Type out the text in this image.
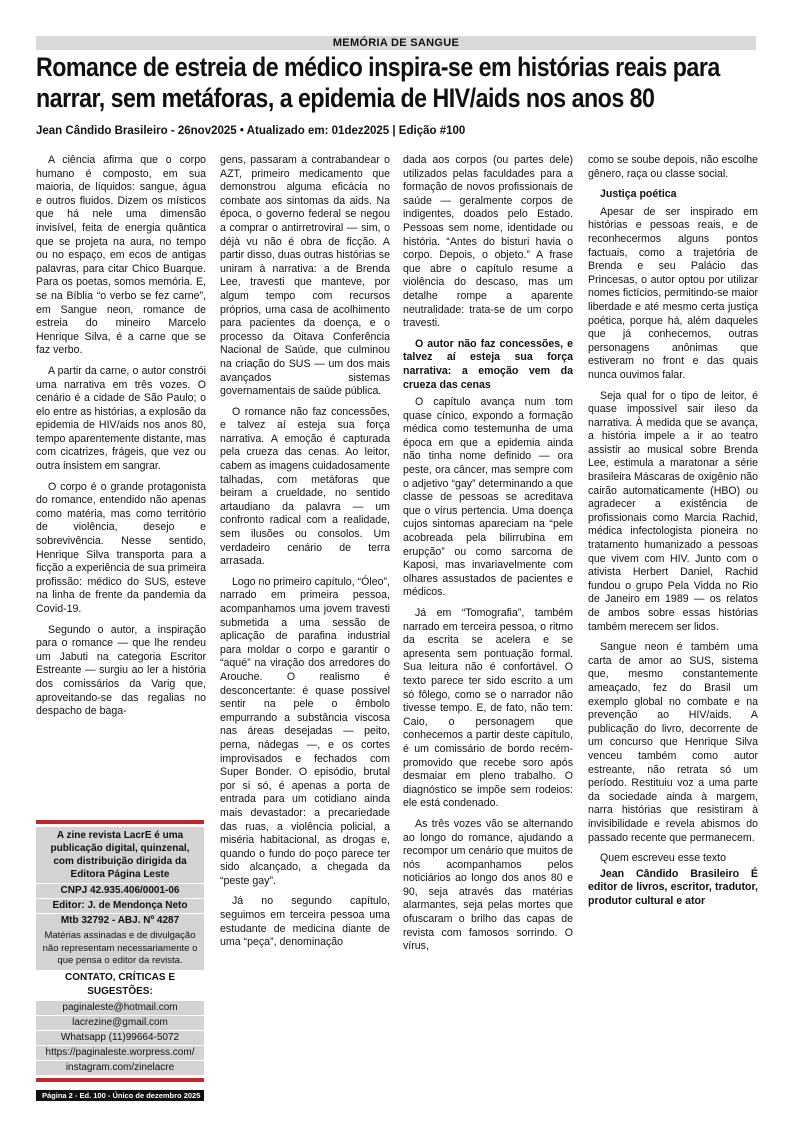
MEMÓRIA DE SANGUE
Romance de estreia de médico inspira-se em histórias reais para narrar, sem metáforas, a epidemia de HIV/aids nos anos 80
Jean Cândido Brasileiro - 26nov2025 • Atualizado em: 01dez2025 | Edição #100

A ciência afirma que o corpo humano é composto, em sua maioria, de líquidos: sangue, água e outros fluidos. Dizem os místicos que há nele uma dimensão invisível, feita de energia quântica que se projeta na aura, no tempo ou no espaço, em ecos de antigas palavras, para citar Chico Buarque. Para os poetas, somos memória. E, se na Bíblia “o verbo se fez carne”, em Sangue neon, romance de estreia do mineiro Marcelo Henrique Silva, é a carne que se faz verbo.

A partir da carne, o autor constrói uma narrativa em três vozes. O cenário é a cidade de São Paulo; o elo entre as histórias, a explosão da epidemia de HIV/aids nos anos 80, tempo aparentemente distante, mas com cicatrizes, frágeis, que vez ou outra insistem em sangrar.

O corpo é o grande protagonista do romance, entendido não apenas como matéria, mas como território de violência, desejo e sobrevivência. Nesse sentido, Henrique Silva transporta para a ficção a experiência de sua primeira profissão: médico do SUS, esteve na linha de frente da pandemia da Covid-19.

Segundo o autor, a inspiração para o romance — que lhe rendeu um Jabuti na categoria Escritor Estreante — surgiu ao ler a história dos comissários da Varig que, aproveitando-se das regalias no despacho de baga-

gens, passaram a contrabandear o AZT, primeiro medicamento que demonstrou alguma eficácia no combate aos sintomas da aids. Na época, o governo federal se negou a comprar o antirretroviral — sim, o déjà vu não é obra de ficção. A partir disso, duas outras histórias se uniram à narrativa: a de Brenda Lee, travesti que manteve, por algum tempo com recursos próprios, uma casa de acolhimento para pacientes da doença, e o processo da Oitava Conferência Nacional de Saúde, que culminou na criação do SUS — um dos mais avançados sistemas governamentais de saúde pública.

O romance não faz concessões, e talvez aí esteja sua força narrativa. A emoção é capturada pela crueza das cenas. Ao leitor, cabem as imagens cuidadosamente talhadas, com metáforas que beiram a crueldade, no sentido artaudiano da palavra — um confronto radical com a realidade, sem ilusões ou consolos. Um verdadeiro cenário de terra arrasada.

Logo no primeiro capítulo, “Óleo”, narrado em primeira pessoa, acompanhamos uma jovem travesti submetida a uma sessão de aplicação de parafina industrial para moldar o corpo e garantir o “aqué” na viração dos arredores do Arouche. O realismo é desconcertante: é quase possível sentir na pele o êmbolo empurrando a substância viscosa nas áreas desejadas — peito, perna, nádegas —, e os cortes improvisados e fechados com Super Bonder. O episódio, brutal por si só, é apenas a porta de entrada para um cotidiano ainda mais devastador: a precariedade das ruas, a violência policial, a miséria habitacional, as drogas e, quando o fundo do poço parece ter sido alcançado, a chegada da “peste gay”.

Já no segundo capítulo, seguimos em terceira pessoa uma estudante de medicina diante de uma “peça”, denominação

dada aos corpos (ou partes dele) utilizados pelas faculdades para a formação de novos profissionais de saúde — geralmente corpos de indigentes, doados pelo Estado. Pessoas sem nome, identidade ou história. “Antes do bisturi havia o corpo. Depois, o objeto.” A frase que abre o capítulo resume a violência do descaso, mas um detalhe rompe a aparente neutralidade: trata-se de um corpo travesti.

O autor não faz concessões, e talvez aí esteja sua força narrativa: a emoção vem da crueza das cenas

O capítulo avança num tom quase cínico, expondo a formação médica como testemunha de uma época em que a epidemia ainda não tinha nome definido — ora peste, ora câncer, mas sempre com o adjetivo “gay” determinando a que classe de pessoas se acreditava que o vírus pertencia. Uma doença cujos sintomas apareciam na “pele acobreada pela bilirrubina em erupção” ou como sarcoma de Kaposi, mas invariavelmente com olhares assustados de pacientes e médicos.

Já em “Tomografia”, também narrado em terceira pessoa, o ritmo da escrita se acelera e se apresenta sem pontuação formal. Sua leitura não é confortável. O texto parece ter sido escrito a um só fôlego, como se o narrador não tivesse tempo. E, de fato, não tem: Caio, o personagem que conhecemos a partir deste capítulo, é um comissário de bordo recém-promovido que recebe soro após desmaiar em pleno trabalho. O diagnóstico se impõe sem rodeios: ele está condenado.

As três vozes vão se alternando ao longo do romance, ajudando a recompor um cenário que muitos de nós acompanhamos pelos noticiários ao longo dos anos 80 e 90, seja através das matérias alarmantes, seja pelas mortes que ofuscaram o brilho das capas de revista com famosos sorrindo. O vírus,

como se soube depois, não escolhe gênero, raça ou classe social.

Justiça poética

Apesar de ser inspirado em histórias e pessoas reais, e de reconhecermos alguns pontos factuais, como a trajetória de Brenda e seu Palácio das Princesas, o autor optou por utilizar nomes fictícios, permitindo-se maior liberdade e até mesmo certa justiça poética, porque há, além daqueles que já conhecemos, outras personagens anônimas que estiveram no front e das quais nunca ouvimos falar.

Seja qual for o tipo de leitor, é quase impossível sair ileso da narrativa. À medida que se avança, a história impele a ir ao teatro assistir ao musical sobre Brenda Lee, estimula a maratonar a série brasileira Máscaras de oxigênio não cairão automaticamente (HBO) ou agradecer a existência de profissionais como Marcia Rachid, médica infectologista pioneira no tratamento humanizado a pessoas que vivem com HIV. Junto com o ativista Herbert Daniel, Rachid fundou o grupo Pela Vidda no Rio de Janeiro em 1989 — os relatos de ambos sobre essas histórias também merecem ser lidos.

Sangue neon é também uma carta de amor ao SUS, sistema que, mesmo constantemente ameaçado, fez do Brasil um exemplo global no combate e na prevenção ao HIV/aids. A publicação do livro, decorrente de um concurso que Henrique Silva venceu também como autor estreante, não retrata só um período. Restituiu voz a uma parte da sociedade ainda à margem, narra histórias que resistiram à invisibilidade e revela abismos do passado recente que permanecem.

Quem escreveu esse texto

Jean Cândido Brasileiro É editor de livros, escritor, tradutor, produtor cultural e ator

A zine revista LacrE é uma publicação digital, quinzenal, com distribuição dirigida da Editora Página Leste
CNPJ 42.935.406/0001-06
Editor: J. de Mendonça Neto
Mtb 32792 - ABJ. Nº 4287
Matérias assinadas e de divulgação não representam necessariamente o que pensa o editor da revista.
CONTATO, CRÍTICAS E SUGESTÕES:
paginaleste@hotmail.com
lacrezine@gmail.com
Whatsapp (11)99664-5072
https://paginaleste.worpress.com/
instagram.com/zinelacre
Página 2 - Ed. 100 - Único de dezembro 2025
